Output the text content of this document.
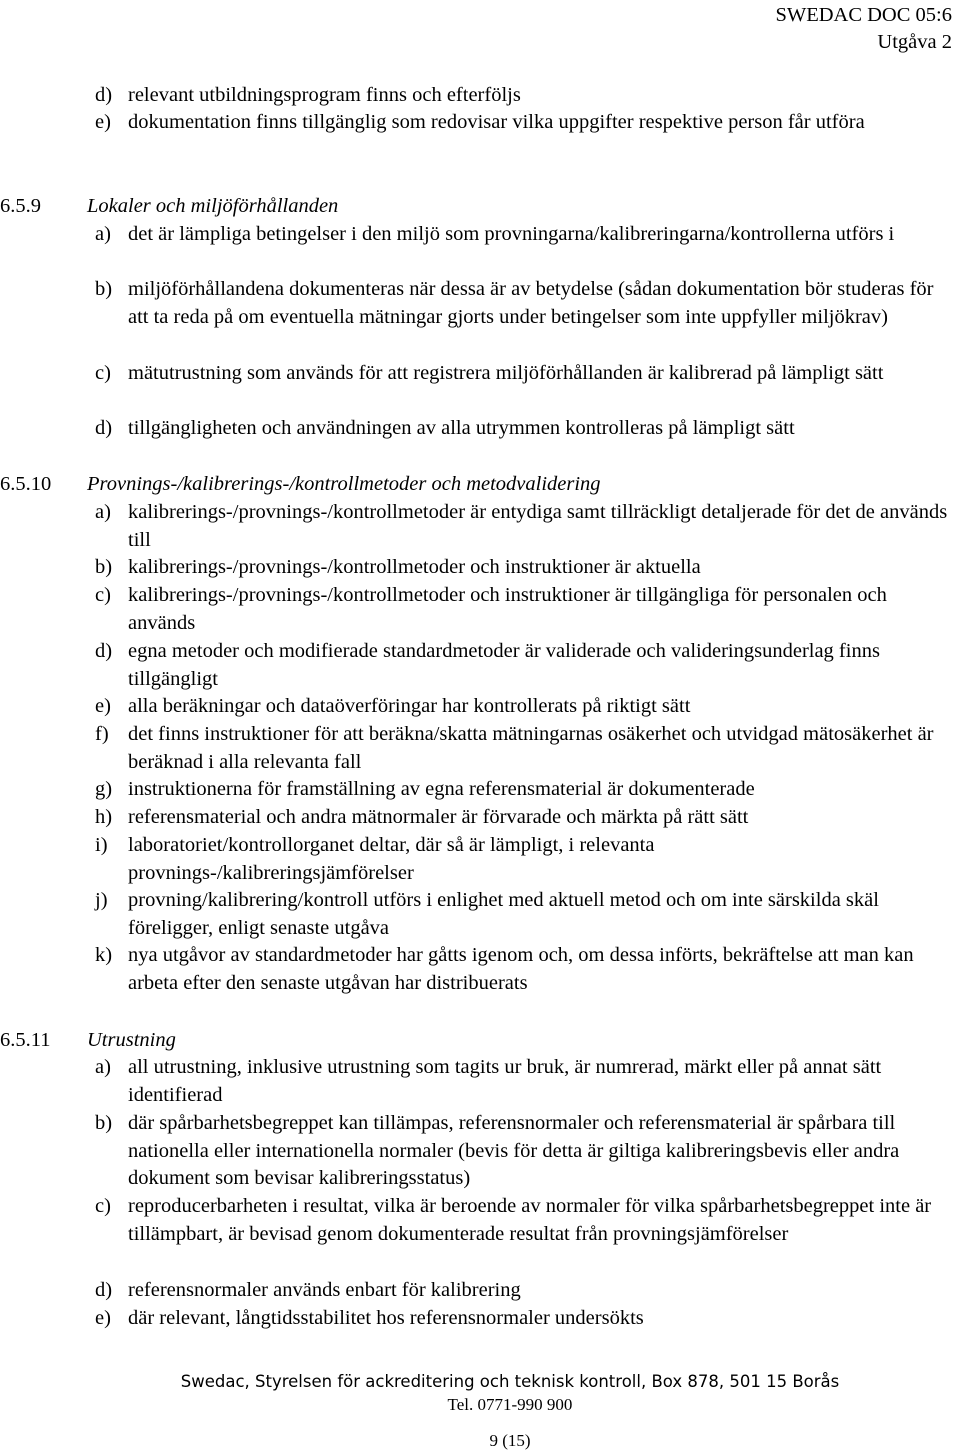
SWEDAC DOC 05:6
Utgåva 2
d) relevant utbildningsprogram finns och efterföljs
e) dokumentation finns tillgänglig som redovisar vilka uppgifter respektive person får utföra
6.5.9 Lokaler och miljöförhållanden
a) det är lämpliga betingelser i den miljö som provningarna/kalibreringarna/kontrollerna utförs i
b) miljöförhållandena dokumenteras när dessa är av betydelse (sådan dokumentation bör studeras för att ta reda på om eventuella mätningar gjorts under betingelser som inte uppfyller miljökrav)
c) mätutrustning som används för att registrera miljöförhållanden är kalibrerad på lämpligt sätt
d) tillgängligheten och användningen av alla utrymmen kontrolleras på lämpligt sätt
6.5.10 Provnings-/kalibrerings-/kontrollmetoder och metodvalidering
a) kalibrerings-/provnings-/kontrollmetoder är entydiga samt tillräckligt detaljerade för det de används till
b) kalibrerings-/provnings-/kontrollmetoder och instruktioner är aktuella
c) kalibrerings-/provnings-/kontrollmetoder och instruktioner är tillgängliga för personalen och används
d) egna metoder och modifierade standardmetoder är validerade och valideringsunderlag finns tillgängligt
e) alla beräkningar och dataöverföringar har kontrollerats på riktigt sätt
f) det finns instruktioner för att beräkna/skatta mätningarnas osäkerhet och utvidgad mätosäkerhet är beräknad i alla relevanta fall
g) instruktionerna för framställning av egna referensmaterial är dokumenterade
h) referensmaterial och andra mätnormaler är förvarade och märkta på rätt sätt
i) laboratoriet/kontrollorganet deltar, där så är lämpligt, i relevanta provnings-/kalibreringsjämförelser
j) provning/kalibrering/kontroll utförs i enlighet med aktuell metod och om inte särskilda skäl föreligger, enligt senaste utgåva
k) nya utgåvor av standardmetoder har gåtts igenom och, om dessa införts, bekräftelse att man kan arbeta efter den senaste utgåvan har distribuerats
6.5.11 Utrustning
a) all utrustning, inklusive utrustning som tagits ur bruk, är numrerad, märkt eller på annat sätt identifierad
b) där spårbarhetsbegreppet kan tillämpas, referensnormaler och referensmaterial är spårbara till nationella eller internationella normaler (bevis för detta är giltiga kalibreringsbevis eller andra dokument som bevisar kalibreringsstatus)
c) reproducerbarheten i resultat, vilka är beroende av normaler för vilka spårbarhetsbegreppet inte är tillämpbart, är bevisad genom dokumenterade resultat från provningsjämförelser
d) referensnormaler används enbart för kalibrering
e) där relevant, långtidsstabilitet hos referensnormaler undersökts
Swedac, Styrelsen för ackreditering och teknisk kontroll, Box 878, 501 15 Borås
Tel. 0771-990 900
9 (15)
